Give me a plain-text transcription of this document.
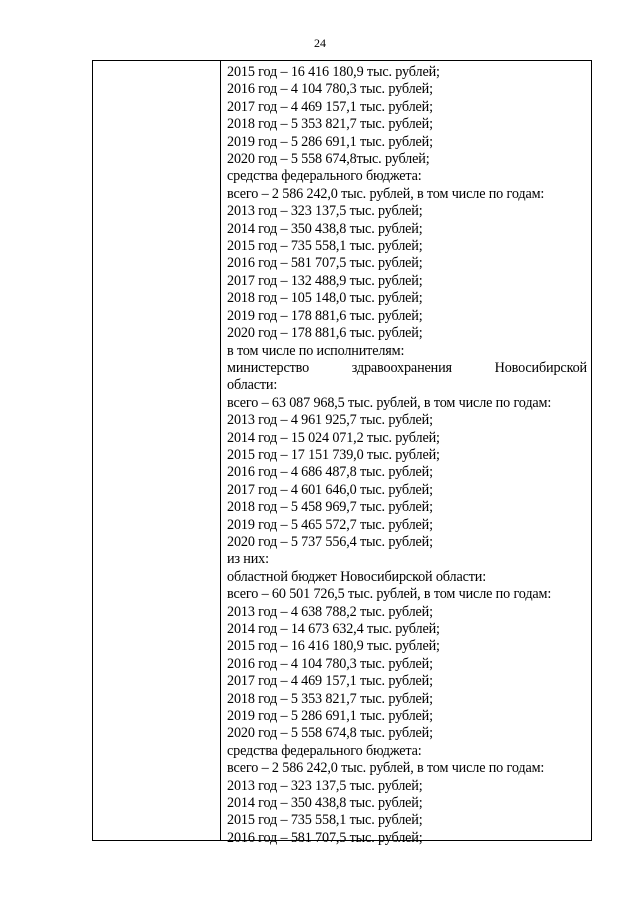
24
2015 год – 16 416 180,9 тыс. рублей;
2016 год – 4 104 780,3 тыс. рублей;
2017 год – 4 469 157,1 тыс. рублей;
2018 год – 5 353 821,7 тыс. рублей;
2019 год – 5 286 691,1 тыс. рублей;
2020 год – 5 558 674,8тыс. рублей;
средства федерального бюджета:
всего – 2 586 242,0 тыс. рублей, в том числе по годам:
2013 год – 323 137,5 тыс. рублей;
2014 год – 350 438,8 тыс. рублей;
2015 год – 735 558,1 тыс. рублей;
2016 год – 581 707,5 тыс. рублей;
2017 год – 132 488,9 тыс. рублей;
2018 год – 105 148,0 тыс. рублей;
2019 год – 178 881,6 тыс. рублей;
2020 год – 178 881,6 тыс. рублей;
в том числе по исполнителям:
министерство	здравоохранения	Новосибирской
области:
всего – 63 087 968,5 тыс. рублей, в том числе по годам:
2013 год – 4 961 925,7 тыс. рублей;
2014 год – 15 024 071,2 тыс. рублей;
2015 год – 17 151 739,0 тыс. рублей;
2016 год – 4 686 487,8 тыс. рублей;
2017 год – 4 601 646,0 тыс. рублей;
2018 год – 5 458 969,7 тыс. рублей;
2019 год – 5 465 572,7 тыс. рублей;
2020 год – 5 737 556,4 тыс. рублей;
из них:
областной бюджет Новосибирской области:
всего – 60 501 726,5 тыс. рублей, в том числе по годам:
2013 год – 4 638 788,2 тыс. рублей;
2014 год – 14 673 632,4 тыс. рублей;
2015 год – 16 416 180,9 тыс. рублей;
2016 год – 4 104 780,3 тыс. рублей;
2017 год – 4 469 157,1 тыс. рублей;
2018 год – 5 353 821,7 тыс. рублей;
2019 год – 5 286 691,1 тыс. рублей;
2020 год – 5 558 674,8 тыс. рублей;
средства федерального бюджета:
всего – 2 586 242,0 тыс. рублей, в том числе по годам:
2013 год – 323 137,5 тыс. рублей;
2014 год – 350 438,8 тыс. рублей;
2015 год – 735 558,1 тыс. рублей;
2016 год – 581 707,5 тыс. рублей;
